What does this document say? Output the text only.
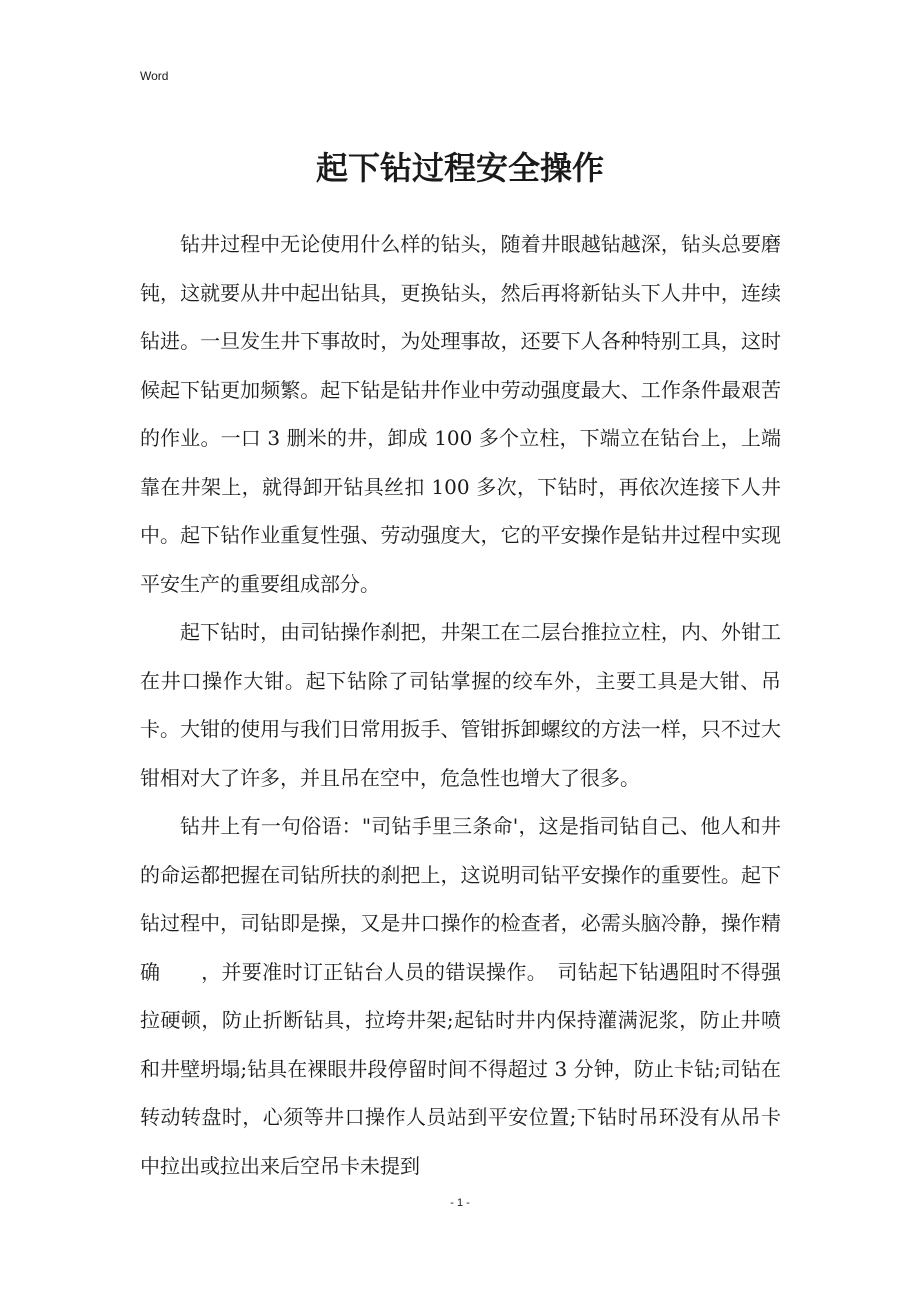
Word
起下钻过程安全操作

钻井过程中无论使用什么样的钻头，随着井眼越钻越深，钻头总要磨钝，这就要从井中起出钻具，更换钻头，然后再将新钻头下人井中，连续钻进。一旦发生井下事故时，为处理事故，还要下人各种特别工具，这时候起下钻更加频繁。起下钻是钻井作业中劳动强度最大、工作条件最艰苦的作业。一口 3 删米的井，卸成 100 多个立柱，下端立在钻台上，上端靠在井架上，就得卸开钻具丝扣 100 多次，下钻时，再依次连接下人井中。起下钻作业重复性强、劳动强度大，它的平安操作是钻井过程中实现平安生产的重要组成部分。

起下钻时，由司钻操作刹把，井架工在二层台推拉立柱，内、外钳工在井口操作大钳。起下钻除了司钻掌握的绞车外，主要工具是大钳、吊卡。大钳的使用与我们日常用扳手、管钳拆卸螺纹的方法一样，只不过大钳相对大了许多，并且吊在空中，危急性也增大了很多。

钻井上有一句俗语："司钻手里三条命'，这是指司钻自己、他人和井的命运都把握在司钻所扶的刹把上，这说明司钻平安操作的重要性。起下钻过程中，司钻即是操，又是井口操作的检查者，必需头脑冷静，操作精确　　，并要准时订正钻台人员的错误操作。　司钻起下钻遇阻时不得强拉硬顿，防止折断钻具，拉垮井架;起钻时井内保持灌满泥浆，防止井喷和井壁坍塌;钻具在裸眼井段停留时间不得超过 3 分钟，防止卡钻;司钻在转动转盘时，心须等井口操作人员站到平安位置;下钻时吊环没有从吊卡中拉出或拉出来后空吊卡未提到

- 1 -
